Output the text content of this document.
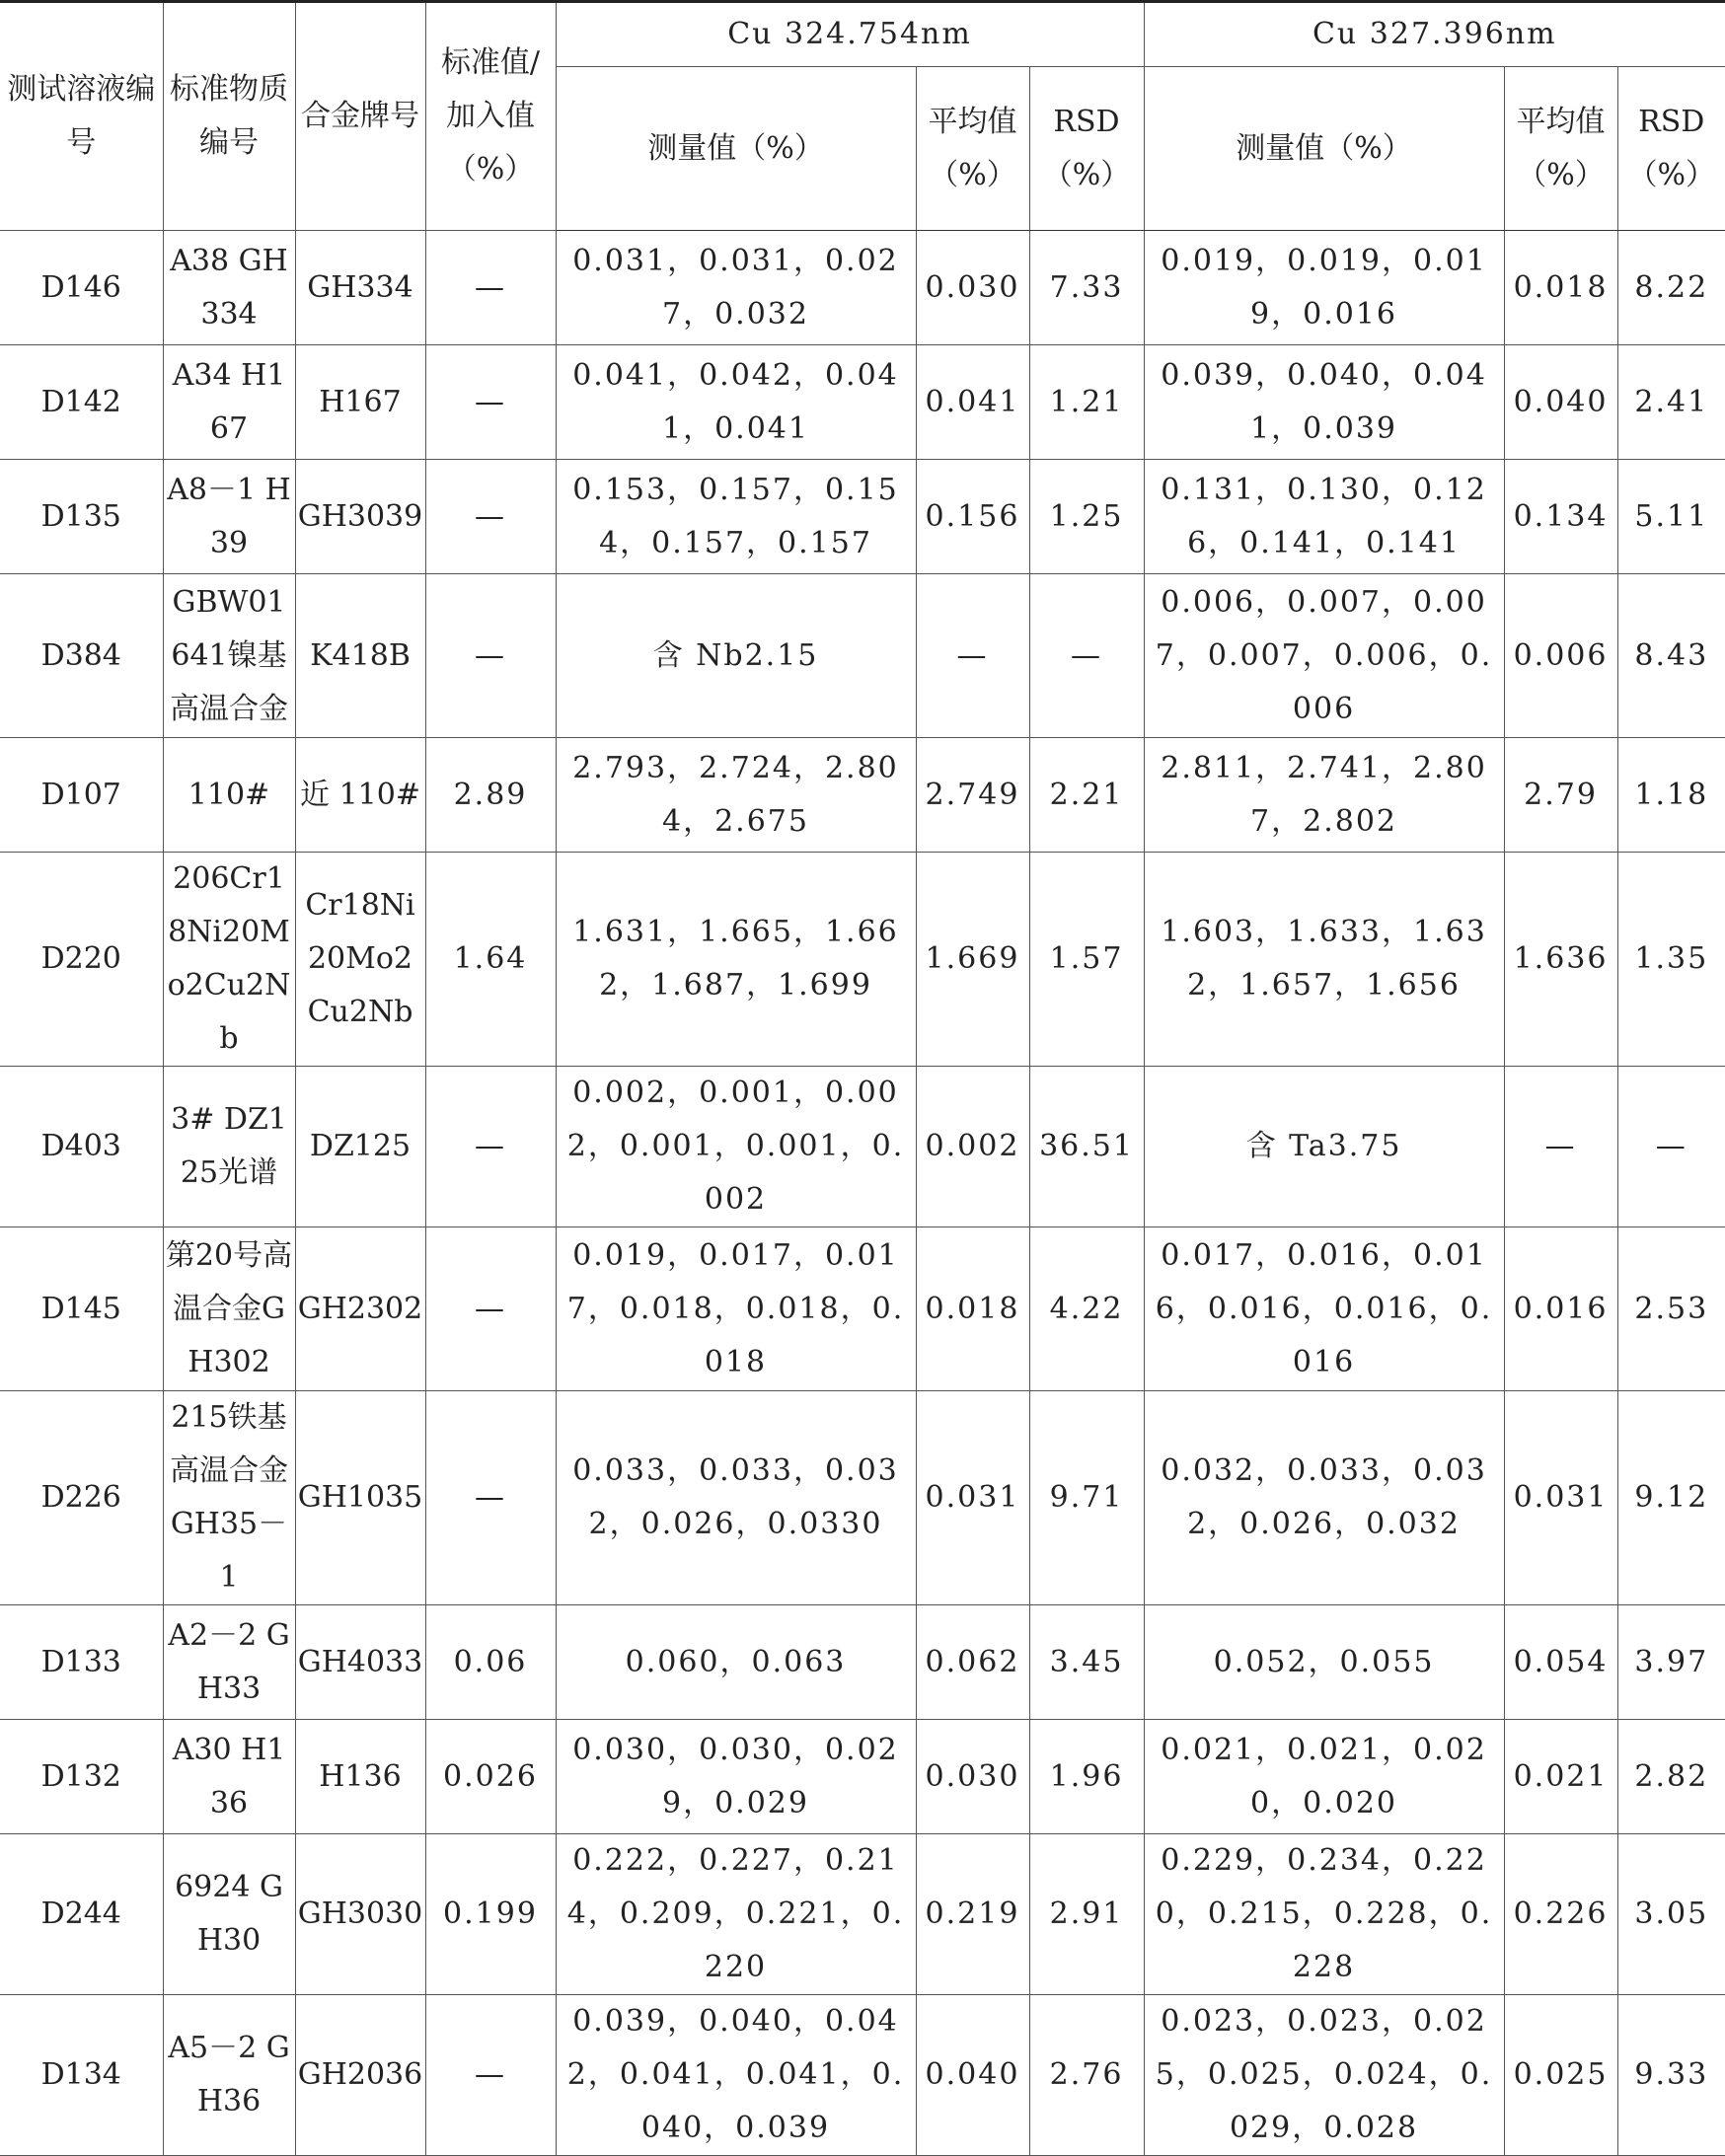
测试溶液编号	标准物质编号	合金牌号	标准值/加入值（%）	Cu 324.754nm			Cu 327.396nm		
				测量值（%）	平均值（%）	RSD（%）	测量值（%）	平均值（%）	RSD（%）
D146	A38 GH334	GH334	—	0.031，0.031，0.027，0.032	0.030	7.33	0.019，0.019，0.019，0.016	0.018	8.22
D142	A34 H167	H167	—	0.041，0.042，0.041，0.041	0.041	1.21	0.039，0.040，0.041，0.039	0.040	2.41
D135	A8－1 H39	GH3039	—	0.153，0.157，0.154，0.157，0.157	0.156	1.25	0.131，0.130，0.126，0.141，0.141	0.134	5.11
D384	GBW01641镍基高温合金	K418B	—	含 Nb2.15	—	—	0.006，0.007，0.007，0.007，0.006，0.006	0.006	8.43
D107	110#	近 110#	2.89	2.793，2.724，2.804，2.675	2.749	2.21	2.811，2.741，2.807，2.802	2.79	1.18
D220	206Cr18Ni20Mo2Cu2Nb	Cr18Ni20Mo2Cu2Nb	1.64	1.631，1.665，1.662，1.687，1.699	1.669	1.57	1.603，1.633，1.632，1.657，1.656	1.636	1.35
D403	3# DZ125光谱	DZ125	—	0.002，0.001，0.002，0.001，0.001，0.002	0.002	36.51	含 Ta3.75	—	—
D145	第20号高温合金GH302	GH2302	—	0.019，0.017，0.017，0.018，0.018，0.018	0.018	4.22	0.017，0.016，0.016，0.016，0.016，0.016	0.016	2.53
D226	215铁基高温合金GH35－1	GH1035	—	0.033，0.033，0.032，0.026，0.0330	0.031	9.71	0.032，0.033，0.032，0.026，0.032	0.031	9.12
D133	A2－2 GH33	GH4033	0.06	0.060，0.063	0.062	3.45	0.052，0.055	0.054	3.97
D132	A30 H136	H136	0.026	0.030，0.030，0.029，0.029	0.030	1.96	0.021，0.021，0.020，0.020	0.021	2.82
D244	6924 GH30	GH3030	0.199	0.222，0.227，0.214，0.209，0.221，0.220	0.219	2.91	0.229，0.234，0.220，0.215，0.228，0.228	0.226	3.05
D134	A5－2 GH36	GH2036	—	0.039，0.040，0.042，0.041，0.041，0.040，0.039	0.040	2.76	0.023，0.023，0.025，0.025，0.024，0.029，0.028	0.025	9.33
